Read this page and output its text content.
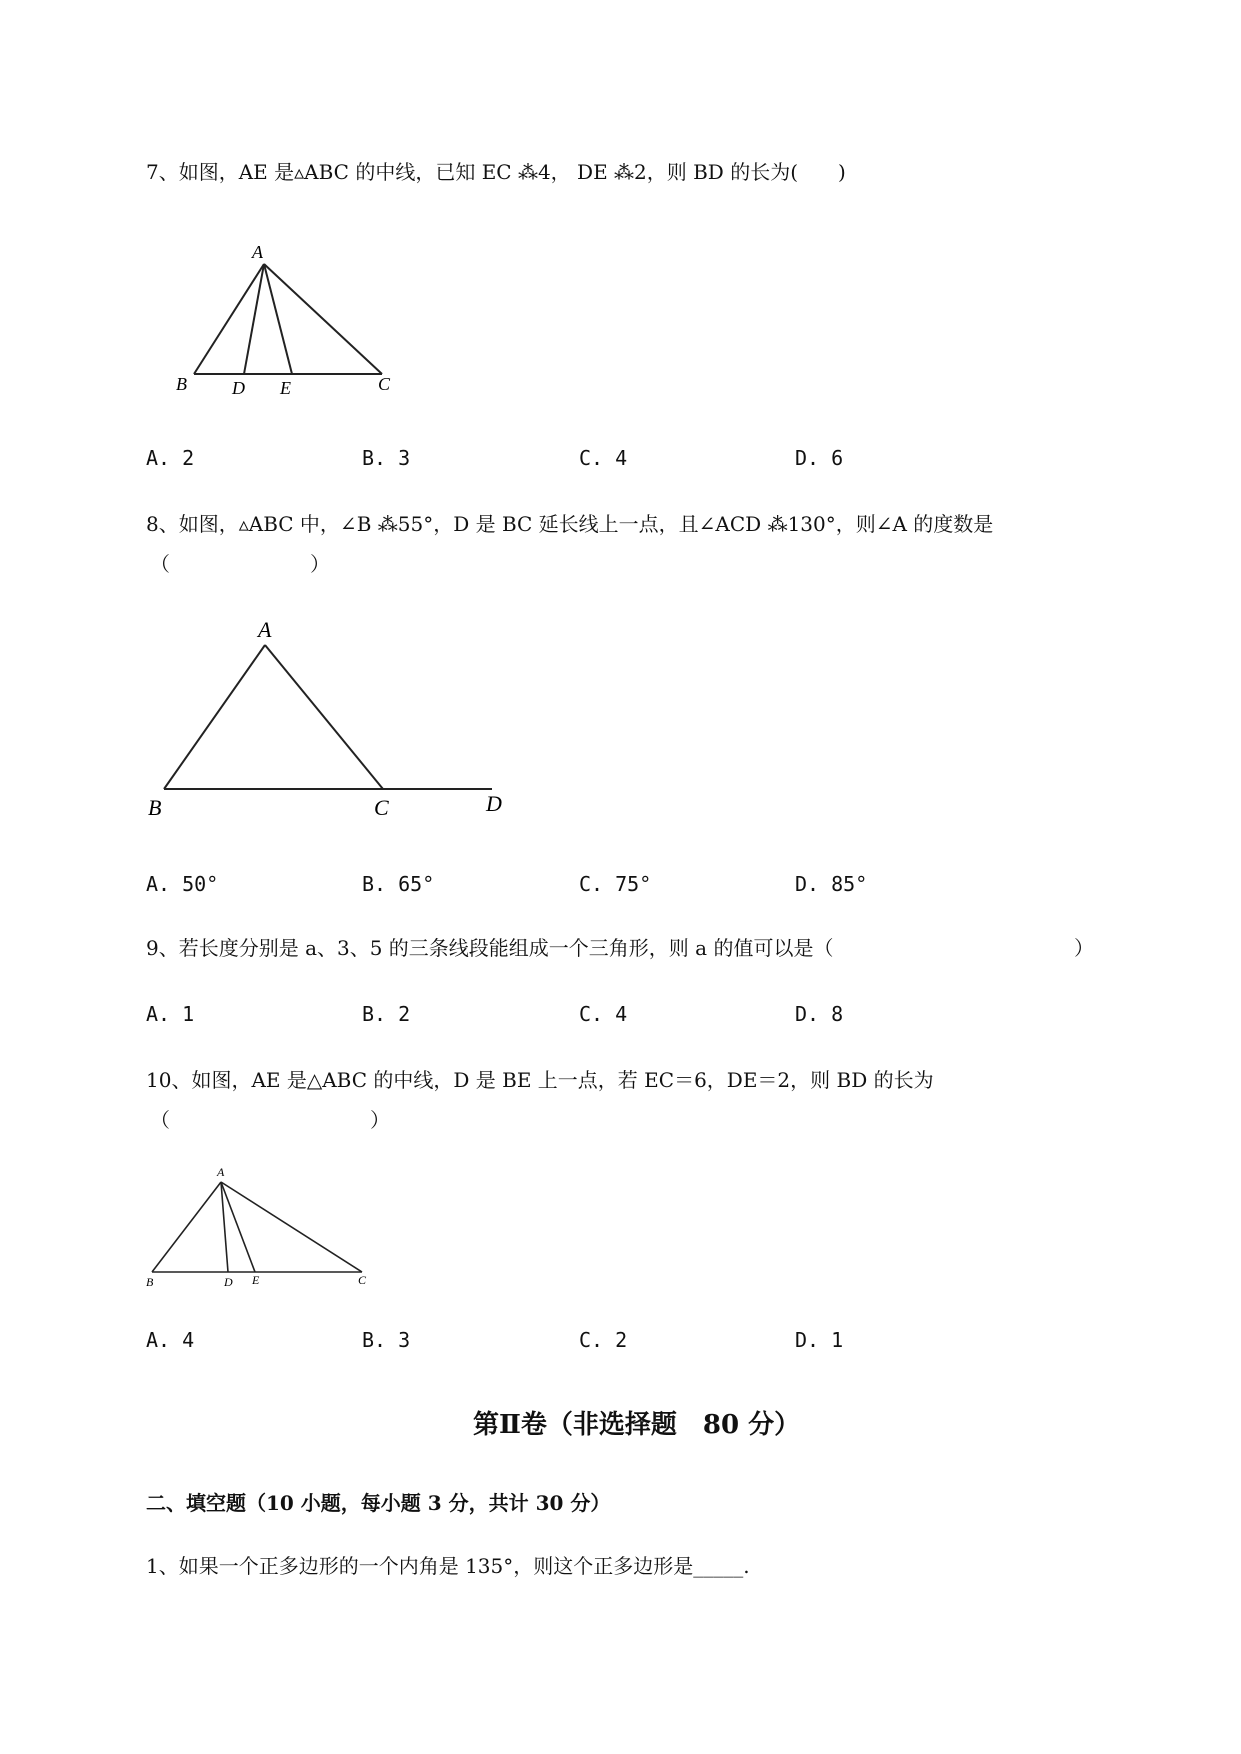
7、如图，AE 是▵ABC 的中线，已知 EC ⁂4， DE ⁂2，则 BD 的长为(　　)
A
B	D E	C
A. 2	B. 3	C. 4	D. 6
8、如图，▵ABC 中，∠B ⁂55°，D 是 BC 延长线上一点，且∠ACD ⁂130°，则∠A 的度数是
（　　　　　　　）
A
B	C	D
A. 50°	B. 65°	C. 75°	D. 85°
9、若长度分别是 a、3、5 的三条线段能组成一个三角形，则 a 的值可以是（	）
A. 1	B. 2	C. 4	D. 8
10、如图，AE 是△ABC 的中线，D 是 BE 上一点，若 EC＝6，DE＝2，则 BD 的长为
（　　　　　　　　　　）
A
B	D E	C
A. 4	B. 3	C. 2	D. 1
第Ⅱ卷（非选择题　80 分）
二、填空题（10 小题，每小题 3 分，共计 30 分）
1、如果一个正多边形的一个内角是 135°，则这个正多边形是_____.
